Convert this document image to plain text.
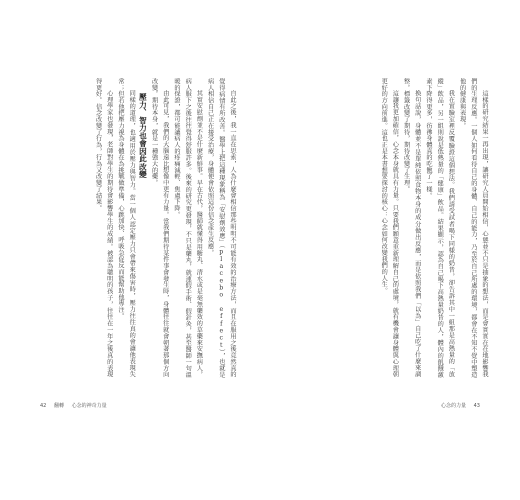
自此之後，我一直在思索，人為什麼會相信那些明明不可能有效的治療方法，而且在服用之後竟然真的覺得病情有所改善。醫學上把這種現象稱為「安慰劑效應」（placebo effect），也就是病人相信自己正在接受治療，身體便會依照這份信念產生反應。

其實安慰劑並不是什麼新鮮事。早在古代，醫師就懂得用糖丸、清水或是毫無藥效的草藥來安撫病人，病人服下之後往往覺得舒服許多。後來的研究更發現，不只是藥丸，就連假手術、假針灸，甚至醫師一句溫暖的保證，都可能讓病人的疼痛減輕、焦慮下降。

由此可見，我們的大腦遠比想像中更有力量。當我們期待某件事會發生時，身體往往就會朝著那個方向改變。期待本身，就是一種強大的藥。

壓力、智力也會因此改變

同樣的道理，也適用於壓力與智力。當一個人認定壓力只會帶來傷害時，壓力往往真的會讓他表現失常；但若他把壓力視為身體在為挑戰做準備，心跳加快、呼吸急促反而能幫助他專注。

心理學家也發現，老師對學生的期待會影響學生的成績。被認為聰明的孩子，往往在一年之後真的表現得更好。信念改變了行為，行為又改變了結果。

42 翻轉 心念的神奇力量

這樣的研究結果一再出現，讓研究人員開始相信，心態並不只是抽象的想法，而是會實實在在地影響我們的生理反應。一個人如何看待自己的身體、自己的能力，乃至於自己所處的環境，都會在不知不覺中塑造他的健康與表現。

我在實驗室裡反覆驗證這個想法。我們請受試者喝下同樣的奶昔，卻告訴其中一組那是高熱量的「放縱」飲品，另一組則說是低熱量的「健康」飲品。結果顯示，認為自己喝下高熱量奶昔的人，體內的飢餓激素下降得更多，彷彿身體真的吃飽了一樣。

換句話說，身體並不是單純依照食物本身的成分做出反應，而是依照我們「以為」自己吃了什麼來調整。標籤改變了期待，期待改變了生理。

這讓我更加確信，心念本身就具有力量。只要我們願意重新理解自己的處境，就有機會讓身體與心理朝更好的方向前進。這也正是本書想要探討的核心：心念如何改變我們的人生。

心念的力量 43
